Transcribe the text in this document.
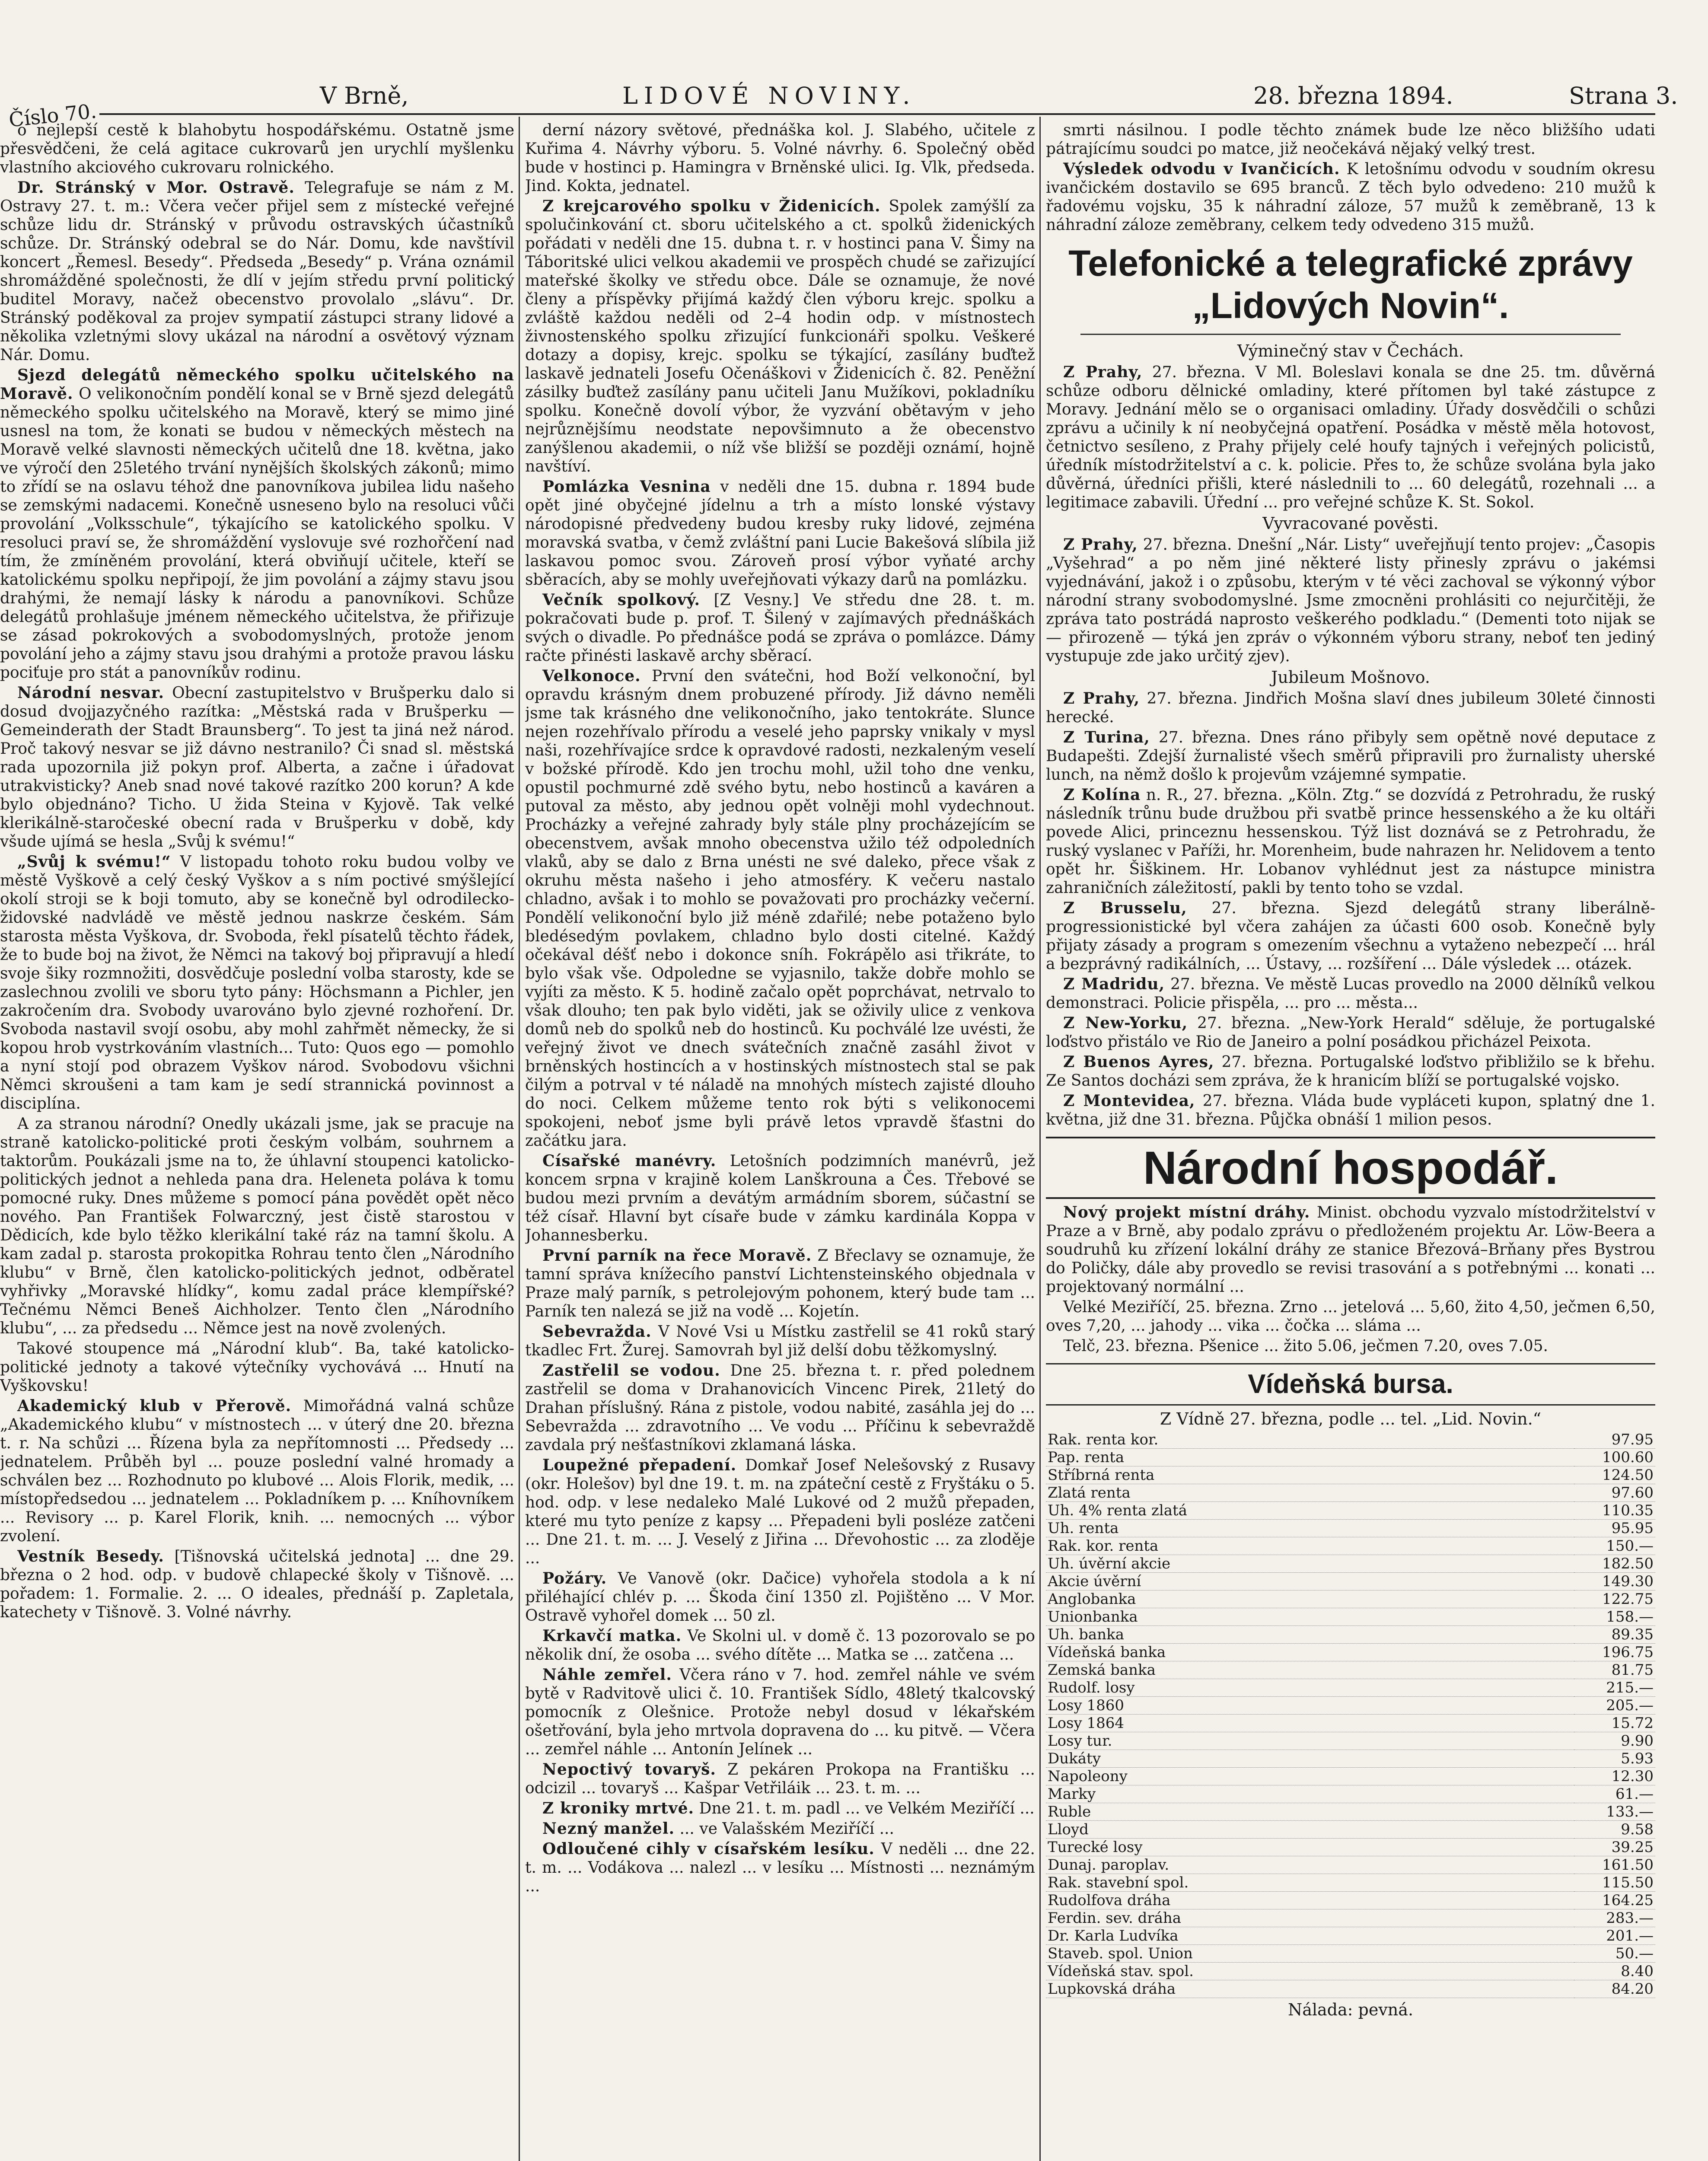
V Brně,	LIDOVÉ NOVINY.	28. března 1894.	Strana 3.
Číslo 70.

o nejlepší cestě k blahobytu hospodářskému. Ostatně jsme přesvědčeni, že celá agitace cukrovarů jen urychlí myšlenku vlastního akciového cukrovaru rolnického.

Dr. Stránský v Mor. Ostravě. Telegrafuje se nám z M. Ostravy 27. t. m.: Včera večer přijel sem z místecké veřejné schůze lidu dr. Stránský v průvodu ostravských účastníků schůze. Dr. Stránský odebral se do Nár. Domu, kde navštívil koncert „Řemesl. Besedy“. Předseda „Besedy“ p. Vrána oznámil shromážděné společnosti, že dlí v jejím středu první politický buditel Moravy, načež obecenstvo provolalo „slávu“. Dr. Stránský poděkoval za projev sympatií zástupci strany lidové a několika vzletnými slovy ukázal na národní a osvětový význam Nár. Domu.

Sjezd delegátů německého spolku učitelského na Moravě. O velikonočním pondělí konal se v Brně sjezd delegátů německého spolku učitelského na Moravě, který se mimo jiné usnesl na tom, že konati se budou v německých městech na Moravě velké slavnosti německých učitelů dne 18. května, jako ve výročí den 25letého trvání nynějších školských zákonů; mimo to zřídí se na oslavu téhož dne panovníkova jubilea lidu našeho se zemskými nadacemi. Konečně usneseno bylo na resoluci vůči provolání „Volksschule“, týkajícího se katolického spolku. V resoluci praví se, že shromáždění vyslovuje své rozhořčení nad tím, že zmíněném provolání, která obviňují učitele, kteří se katolickému spolku nepřipojí, že jim povolání a zájmy stavu jsou drahými, že nemají lásky k národu a panovníkovi. Schůze delegátů prohlašuje jménem německého učitelstva, že přiřizuje se zásad pokrokových a svobodomyslných, protože jenom povolání jeho a zájmy stavu jsou drahými a protože pravou lásku pociťuje pro stát a panovníkův rodinu.

Národní nesvar. Obecní zastupitelstvo v Brušperku dalo si dosud dvojjazyčného razítka: „Městská rada v Brušperku — Gemeinderath der Stadt Braunsberg“. To jest ta jiná než národ. Proč takový nesvar se již dávno nestranilo? Či snad sl. městská rada upozornila již pokyn prof. Alberta, a začne i úřadovat utrakvisticky? Aneb snad nové takové razítko 200 korun? A kde bylo objednáno? Ticho. U žida Steina v Kyjově. Tak velké klerikálně-staročeské obecní rada v Brušperku v době, kdy všude ujímá se hesla „Svůj k svému!“

„Svůj k svému!“ V listopadu tohoto roku budou volby ve městě Vyškově a celý český Vyškov a s ním poctivé smýšlející okolí stroji se k boji tomuto, aby se konečně byl odrodilecko-židovské nadvládě ve městě jednou naskrze českém. Sám starosta města Vyškova, dr. Svoboda, řekl písatelů těchto řádek, že to bude boj na život, že Němci na takový boj připravují a hledí svoje šiky rozmnožiti, dosvědčuje poslední volba starosty, kde se zaslechnou zvolili ve sboru tyto pány: Höchsmann a Pichler, jen zakročením dra. Svobody uvarováno bylo zjevné rozhoření. Dr. Svoboda nastavil svojí osobu, aby mohl zahřmět německy, že si kopou hrob vystrkováním vlastních... Tuto: Quos ego — pomohlo a nyní stojí pod obrazem Vyškov národ. Svobodovu všichni Němci skroušeni a tam kam je sedí strannická povinnost a disciplína.

A za stranou národní? Onedly ukázali jsme, jak se pracuje na straně katolicko-politické proti českým volbám, souhrnem a taktorům. Poukázali jsme na to, že úhlavní stoupenci katolicko-politických jednot a nehleda pana dra. Heleneta poláva k tomu pomocné ruky. Dnes můžeme s pomocí pána povědět opět něco nového. Pan František Folwarczný, jest čistě starostou v Dědicích, kde bylo těžko klerikální také ráz na tamní školu. A kam zadal p. starosta prokopitka Rohrau tento člen „Národního klubu“ v Brně, člen katolicko-politických jednot, odběratel vyhřivky „Moravské hlídky“, komu zadal práce klempířské? Tečnému Němci Beneš Aichholzer. Tento člen „Národního klubu“, ... za předsedu ... Němce jest na nově zvolených.

Takové stoupence má „Národní klub“. Ba, také katolicko-politické jednoty a takové výtečníky vychovává ... Hnutí na Vyškovsku!

Akademický klub v Přerově. Mimořádná valná schůze „Akademického klubu“ v místnostech ... v úterý dne 20. března t. r. Na schůzi ... Řízena byla za nepřítomnosti ... Předsedy ... jednatelem. Průběh byl ... pouze poslední valné hromady a schválen bez ... Rozhodnuto po klubové ... Alois Florik, medik, ... místopředsedou ... jednatelem ... Pokladníkem p. ... Kníhovníkem ... Revisory ... p. Karel Florik, knih. ... nemocných ... výbor zvolení.

Vestník Besedy. [Tišnovská učitelská jednota] ... dne 29. března o 2 hod. odp. v budově chlapecké školy v Tišnově. ... pořadem: 1. Formalie. 2. ... O ideales, přednáší p. Zapletala, katechety v Tišnově. 3. Volné návrhy.

derní názory světové, přednáška kol. J. Slabého, učitele z Kuřima 4. Návrhy výboru. 5. Volné návrhy. 6. Společný oběd bude v hostinci p. Hamingra v Brněnské ulici. Ig. Vlk, předseda. Jind. Kokta, jednatel.

Z krejcarového spolku v Židenicích. Spolek zamýšlí za spolučinkování ct. sboru učitelského a ct. spolků židenických pořádati v neděli dne 15. dubna t. r. v hostinci pana V. Šimy na Táboritské ulici velkou akademii ve prospěch chudé se zařizující mateřské školky ve středu obce. Dále se oznamuje, že nové členy a příspěvky přijímá každý člen výboru krejc. spolku a zvláště každou neděli od 2–4 hodin odp. v místnostech živnostenského spolku zřizující funkcionáři spolku. Veškeré dotazy a dopisy, krejc. spolku se týkající, zasílány buďtež laskavě jednateli Josefu Očenáškovi v Židenicích č. 82. Peněžní zásilky buďtež zasílány panu učiteli Janu Mužíkovi, pokladníku spolku. Konečně dovolí výbor, že vyzvání obětavým v jeho nejrůznějšímu neodstate nepovšimnuto a že obecenstvo zanýšlenou akademii, o níž vše bližší se později oznámí, hojně navštíví.

Pomlázka Vesnina v neděli dne 15. dubna r. 1894 bude opět jiné obyčejné jídelnu a trh a místo lonské výstavy národopisné předvedeny budou kresby ruky lidové, zejména moravská svatba, v čemž zvláštní pani Lucie Bakešová slíbila již laskavou pomoc svou. Zároveň prosí výbor vyňaté archy sběracích, aby se mohly uveřejňovati výkazy darů na pomlázku.

Večník spolkový. [Z Vesny.] Ve středu dne 28. t. m. pokračovati bude p. prof. T. Šilený v zajímavých přednáškách svých o divadle. Po přednášce podá se zpráva o pomlázce. Dámy račte přinésti laskavě archy sběrací.

Velkonoce. První den svátečni, hod Boží velkonoční, byl opravdu krásným dnem probuzené přírody. Již dávno neměli jsme tak krásného dne velikonočního, jako tentokráte. Slunce nejen rozehřívalo přírodu a veselé jeho paprsky vnikaly v mysl naši, rozehřívajíce srdce k opravdové radosti, nezkaleným veselí v božské přírodě. Kdo jen trochu mohl, užil toho dne venku, opustil pochmurné zdě svého bytu, nebo hostinců a kaváren a putoval za město, aby jednou opět volněji mohl vydechnout. Procházky a veřejné zahrady byly stále plny procházejícím se obecenstvem, avšak mnoho obecenstva užilo též odpoledních vlaků, aby se dalo z Brna unésti ne své daleko, přece však z okruhu města našeho i jeho atmosféry. K večeru nastalo chladno, avšak i to mohlo se považovati pro procházky večerní. Pondělí velikonoční bylo již méně zdařilé; nebe potaženo bylo bledésedým povlakem, chladno bylo dosti citelné. Každý očekával déšť nebo i dokonce sníh. Fokrápělo asi třikráte, to bylo však vše. Odpoledne se vyjasnilo, takže dobře mohlo se vyjíti za město. K 5. hodině začalo opět poprchávat, netrvalo to však dlouho; ten pak bylo viděti, jak se oživily ulice z venkova domů neb do spolků neb do hostinců. Ku pochválé lze uvésti, že veřejný život ve dnech svátečních značně zasáhl život v brněnských hostincích a v hostinských místnostech stal se pak čilým a potrval v té náladě na mnohých místech zajisté dlouho do noci. Celkem můžeme tento rok býti s velikonocemi spokojeni, neboť jsme byli právě letos vpravdě šťastni do začátku jara.

Císařské manévry. Letošních podzimních manévrů, jež koncem srpna v krajině kolem Lanškrouna a Čes. Třebové se budou mezi prvním a devátým armádním sborem, súčastní se též císař. Hlavní byt císaře bude v zámku kardinála Koppa v Johannesberku.

První parník na řece Moravě. Z Břeclavy se oznamuje, že tamní správa knížecího panství Lichtensteinského objednala v Praze malý parník, s petrolejovým pohonem, který bude tam ... Parník ten nalezá se již na vodě ... Kojetín.

Sebevražda. V Nové Vsi u Místku zastřelil se 41 roků starý tkadlec Frt. Žurej. Samovrah byl již delší dobu těžkomyslný.

Zastřelil se vodou. Dne 25. března t. r. před polednem zastřelil se doma v Drahanovicích Vincenc Pirek, 21letý do Drahan příslušný. Rána z pistole, vodou nabité, zasáhla jej do ... Sebevražda ... zdravotního ... Ve vodu ... Příčinu k sebevraždě zavdala prý nešťastníkovi zklamaná láska.

Loupežné přepadení. Domkař Josef Nelešovský z Rusavy (okr. Holešov) byl dne 19. t. m. na zpáteční cestě z Fryštáku o 5. hod. odp. v lese nedaleko Malé Lukové od 2 mužů přepaden, které mu tyto peníze z kapsy ... Přepadeni byli posléze zatčeni ... Dne 21. t. m. ... J. Veselý z Jiřina ... Dřevohostic ... za zloděje ...

Požáry. Ve Vanově (okr. Dačice) vyhořela stodola a k ní přiléhající chlév p. ... Škoda činí 1350 zl. Pojištěno ... V Mor. Ostravě vyhořel domek ... 50 zl.

Krkavčí matka. Ve Skolni ul. v domě č. 13 pozorovalo se po několik dní, že osoba ... svého dítěte ... Matka se ... zatčena ...

Náhle zemřel. Včera ráno v 7. hod. zemřel náhle ve svém bytě v Radvitově ulici č. 10. František Sídlo, 48letý tkalcovský pomocník z Olešnice. Protože nebyl dosud v lékařském ošetřování, byla jeho mrtvola dopravena do ... ku pitvě. — Včera ... zemřel náhle ... Antonín Jelínek ...

Nepoctivý tovaryš. Z pekáren Prokopa na Františku ... odcizil ... tovaryš ... Kašpar Vetřiláik ... 23. t. m. ...

Z kroniky mrtvé. Dne 21. t. m. padl ... ve Velkém Meziříčí ...

Nezný manžel. ... ve Valašském Meziříčí ...

Odloučené cihly v císařském lesíku. V neděli ... dne 22. t. m. ... Vodákova ... nalezl ... v lesíku ... Místnosti ... neznámým ...

smrti násilnou. I podle těchto známek bude lze něco bližšího udati pátrajícímu soudci po matce, již neočekává nějaký velký trest.

Výsledek odvodu v Ivančicích. K letošnímu odvodu v soudním okresu ivančickém dostavilo se 695 branců. Z těch bylo odvedeno: 210 mužů k řadovému vojsku, 35 k náhradní záloze, 57 mužů k zeměbraně, 13 k náhradní záloze zeměbrany, celkem tedy odvedeno 315 mužů.

Telefonické a telegrafické zprávy „Lidových Novin“.
Výminečný stav v Čechách.

Z Prahy, 27. března. V Ml. Boleslavi konala se dne 25. tm. důvěrná schůze odboru dělnické omladiny, které přítomen byl také zástupce z Moravy. Jednání mělo se o organisaci omladiny. Úřady dosvědčili o schůzi zprávu a učinily k ní neobyčejná opatření. Posádka v městě měla hotovost, četnictvo sesíleno, z Prahy přijely celé houfy tajných i veřejných policistů, úředník místodržitelství a c. k. policie. Přes to, že schůze svolána byla jako důvěrná, úředníci přišli, které následnili to ... 60 delegátů, rozehnali ... a legitimace zabavili. Úřední ... pro veřejné schůze K. St. Sokol.

Vyvracované pověsti.

Z Prahy, 27. března. Dnešní „Nár. Listy“ uveřejňují tento projev: „Časopis „Vyšehrad“ a po něm jiné některé listy přinesly zprávu o jakémsi vyjednávání, jakož i o způsobu, kterým v té věci zachoval se výkonný výbor národní strany svobodomyslné. Jsme zmocněni prohlásiti co nejurčitěji, že zpráva tato postrádá naprosto veškerého podkladu.“ (Dementi toto nijak se — přirozeně — týká jen zpráv o výkonném výboru strany, neboť ten jediný vystupuje zde jako určitý zjev).

Jubileum Mošnovo.

Z Prahy, 27. března. Jindřich Mošna slaví dnes jubileum 30leté činnosti herecké.

Z Turina, 27. března. Dnes ráno přibyly sem opětně nové deputace z Budapešti. Zdejší žurnalisté všech směrů připravili pro žurnalisty uherské lunch, na němž došlo k projevům vzájemné sympatie.

Z Kolína n. R., 27. března. „Köln. Ztg.“ se dozvídá z Petrohradu, že ruský následník trůnu bude družbou při svatbě prince hessenského a že ku oltáři povede Alici, princeznu hessenskou. Týž list doznává se z Petrohradu, že ruský vyslanec v Paříži, hr. Morenheim, bude nahrazen hr. Nelidovem a tento opět hr. Šiškinem. Hr. Lobanov vyhlédnut jest za nástupce ministra zahraničních záležitostí, pakli by tento toho se vzdal.

Z Brusselu, 27. března. Sjezd delegátů strany liberálně-progressionistické byl včera zahájen za účasti 600 osob. Konečně byly přijaty zásady a program s omezením všechnu a vytaženo nebezpečí ... hrál a bezprávný radikálních, ... Ústavy, ... rozšíření ... Dále výsledek ... otázek.

Z Madridu, 27. března. Ve městě Lucas provedlo na 2000 dělníků velkou demonstraci. Policie přispěla, ... pro ... města...

Z New-Yorku, 27. března. „New-York Herald“ sděluje, že portugalské loďstvo přistálo ve Rio de Janeiro a polní posádkou přicházel Peixota.

Z Buenos Ayres, 27. března. Portugalské loďstvo přibližilo se k břehu. Ze Santos docházi sem zpráva, že k hranicím blíží se portugalské vojsko.

Z Montevidea, 27. března. Vláda bude vypláceti kupon, splatný dne 1. května, již dne 31. března. Půjčka obnáší 1 milion pesos.

Národní hospodář.

Nový projekt místní dráhy. Minist. obchodu vyzvalo místodržitelství v Praze a v Brně, aby podalo zprávu o předloženém projektu Ar. Löw-Beera a soudruhů ku zřízení lokální dráhy ze stanice Březová–Brňany přes Bystrou do Poličky, dále aby provedlo se revisi trasování a s potřebnými ... konati ... projektovaný normální ...

Velké Meziříčí, 25. března. Zrno ... jetelová ... 5,60, žito 4,50, ječmen 6,50, oves 7,20, ... jahody ... vika ... čočka ... sláma ...

Telč, 23. března. Pšenice ... žito 5.06, ječmen 7.20, oves 7.05.

Vídeňská bursa.
Z Vídně 27. března, podle ... tel. „Lid. Novin.“
Rak. renta kor.	97.95
Pap. renta	100.60
Stříbrná renta	124.50
Zlatá renta	97.60
Uh. 4% renta zlatá	110.35
Uh. renta	95.95
Rak. kor. renta	150.—
Uh. úvěrní akcie	182.50
Akcie úvěrní	149.30
Anglobanka	122.75
Unionbanka	158.—
Uh. banka	89.35
Vídeňská banka	196.75
Zemská banka	81.75
Rudolf. losy	215.—
Losy 1860	205.—
Losy 1864	15.72
Losy tur.	9.90
Dukáty	5.93
Napoleony	12.30
Marky	61.—
Ruble	133.—
Lloyd	9.58
Turecké losy	39.25
Dunaj. paroplav.	161.50
Rak. stavební spol.	115.50
Rudolfova dráha	164.25
Ferdin. sev. dráha	283.—
Dr. Karla Ludvíka	201.—
Staveb. spol. Union	50.—
Vídeňská stav. spol.	8.40
Lupkovská dráha	84.20
Nálada: pevná.
